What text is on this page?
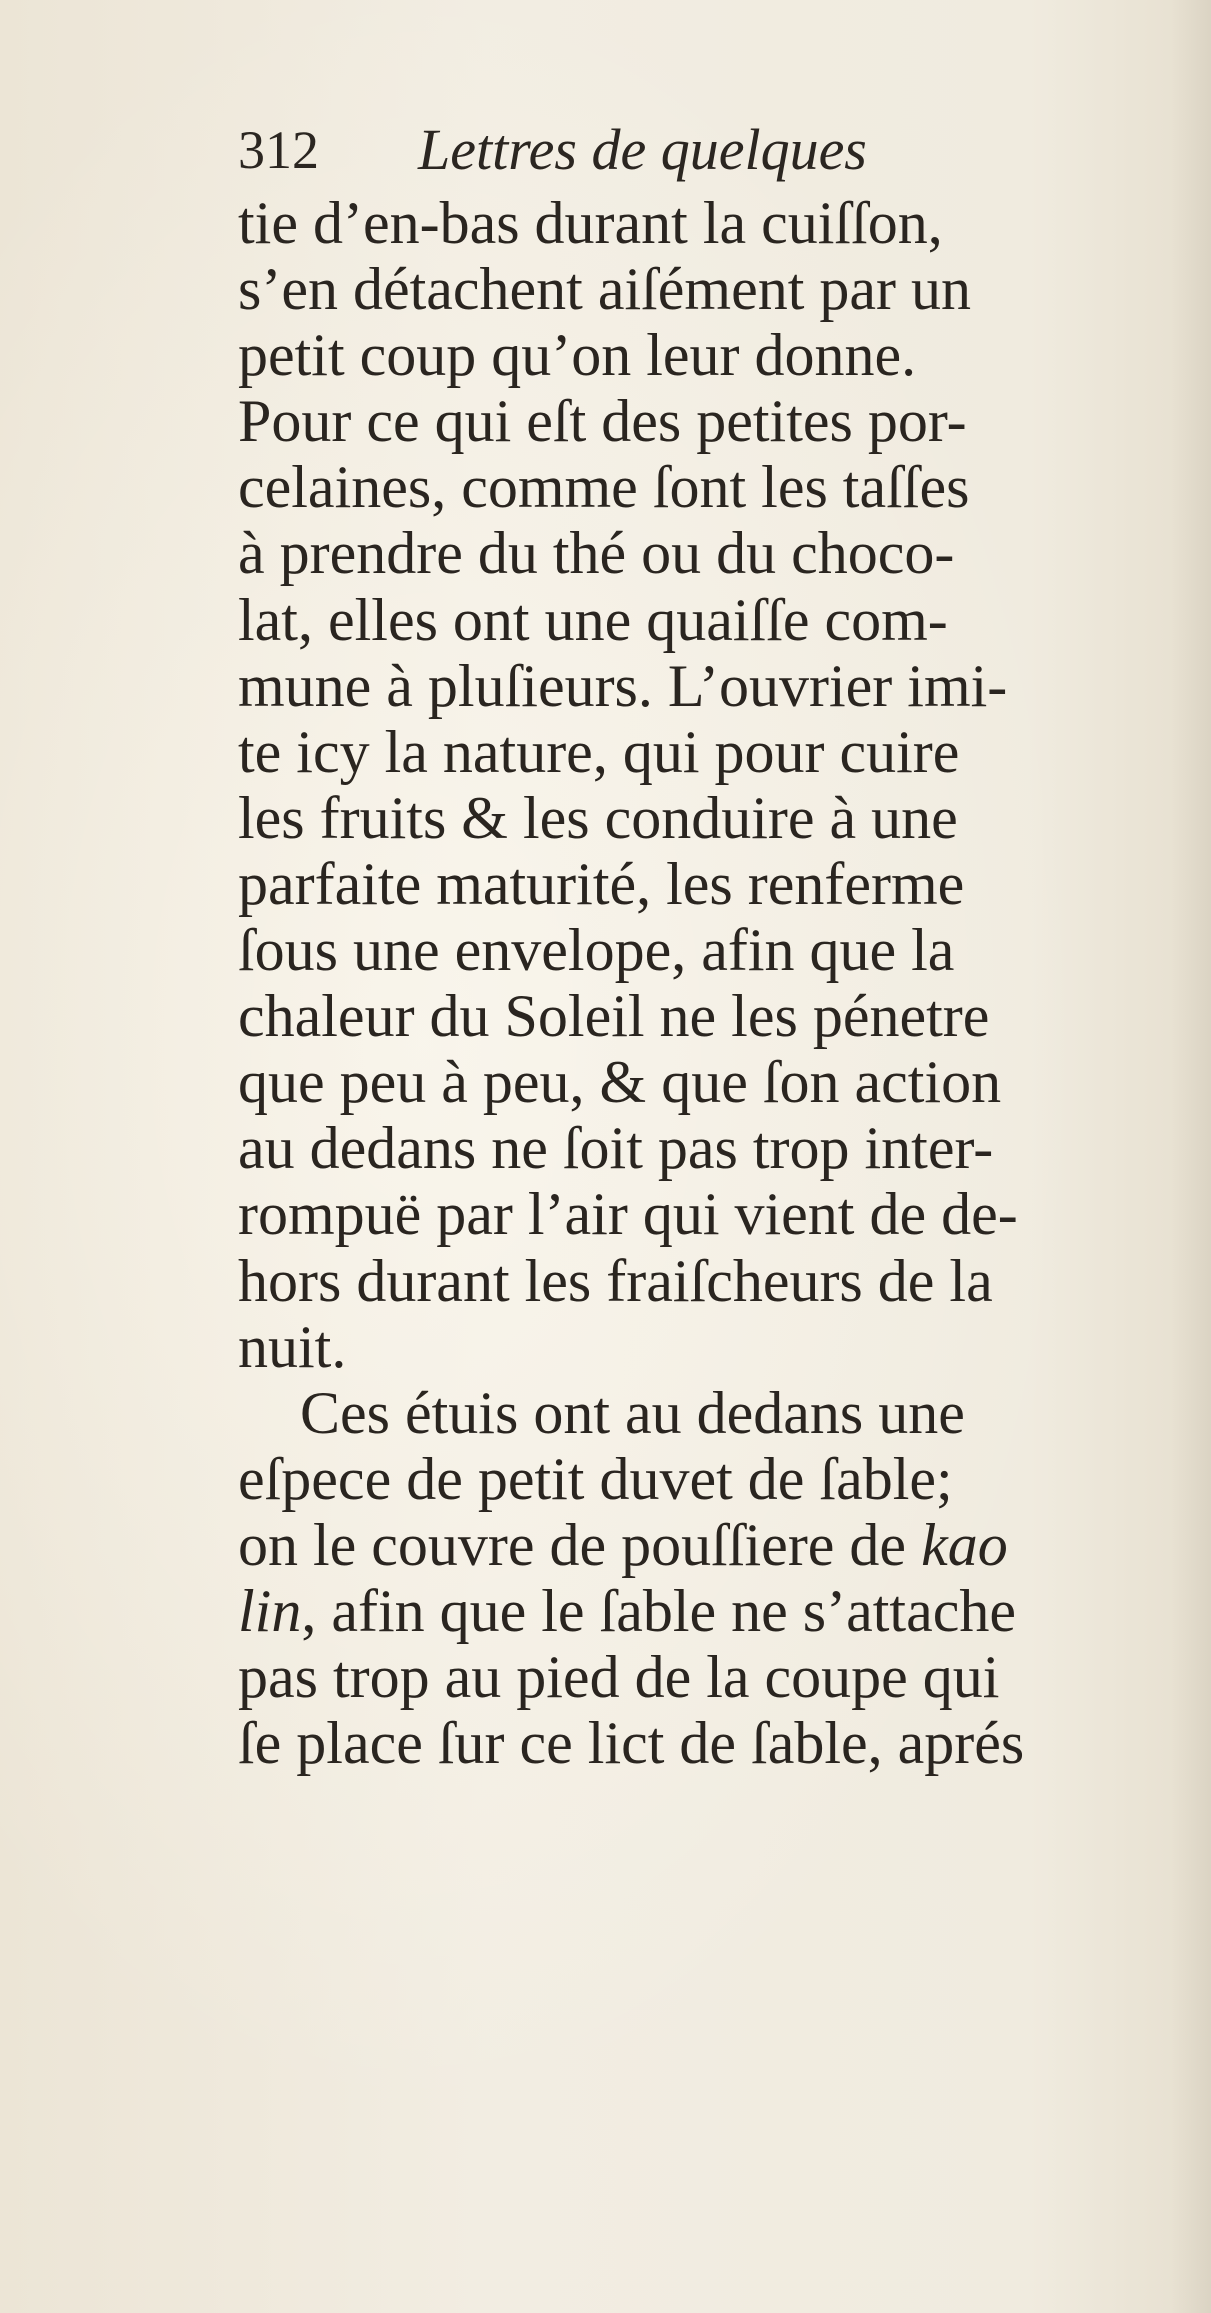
312 Lettres de quelques
tie d’en-bas durant la cuiſſon,
s’en détachent aiſément par un
petit coup qu’on leur donne.
Pour ce qui eſt des petites por-
celaines, comme ſont les taſſes
à prendre du thé ou du choco-
lat, elles ont une quaiſſe com-
mune à pluſieurs. L’ouvrier imi-
te icy la nature, qui pour cuire
les fruits & les conduire à une
parfaite maturité, les renferme
ſous une envelope, afin que la
chaleur du Soleil ne les pénetre
que peu à peu, & que ſon action
au dedans ne ſoit pas trop inter-
rompuë par l’air qui vient de de-
hors durant les fraiſcheurs de la
nuit.
Ces étuis ont au dedans une
eſpece de petit duvet de ſable;
on le couvre de pouſſiere de kao
lin, afin que le ſable ne s’attache
pas trop au pied de la coupe qui
ſe place ſur ce lict de ſable, aprés
